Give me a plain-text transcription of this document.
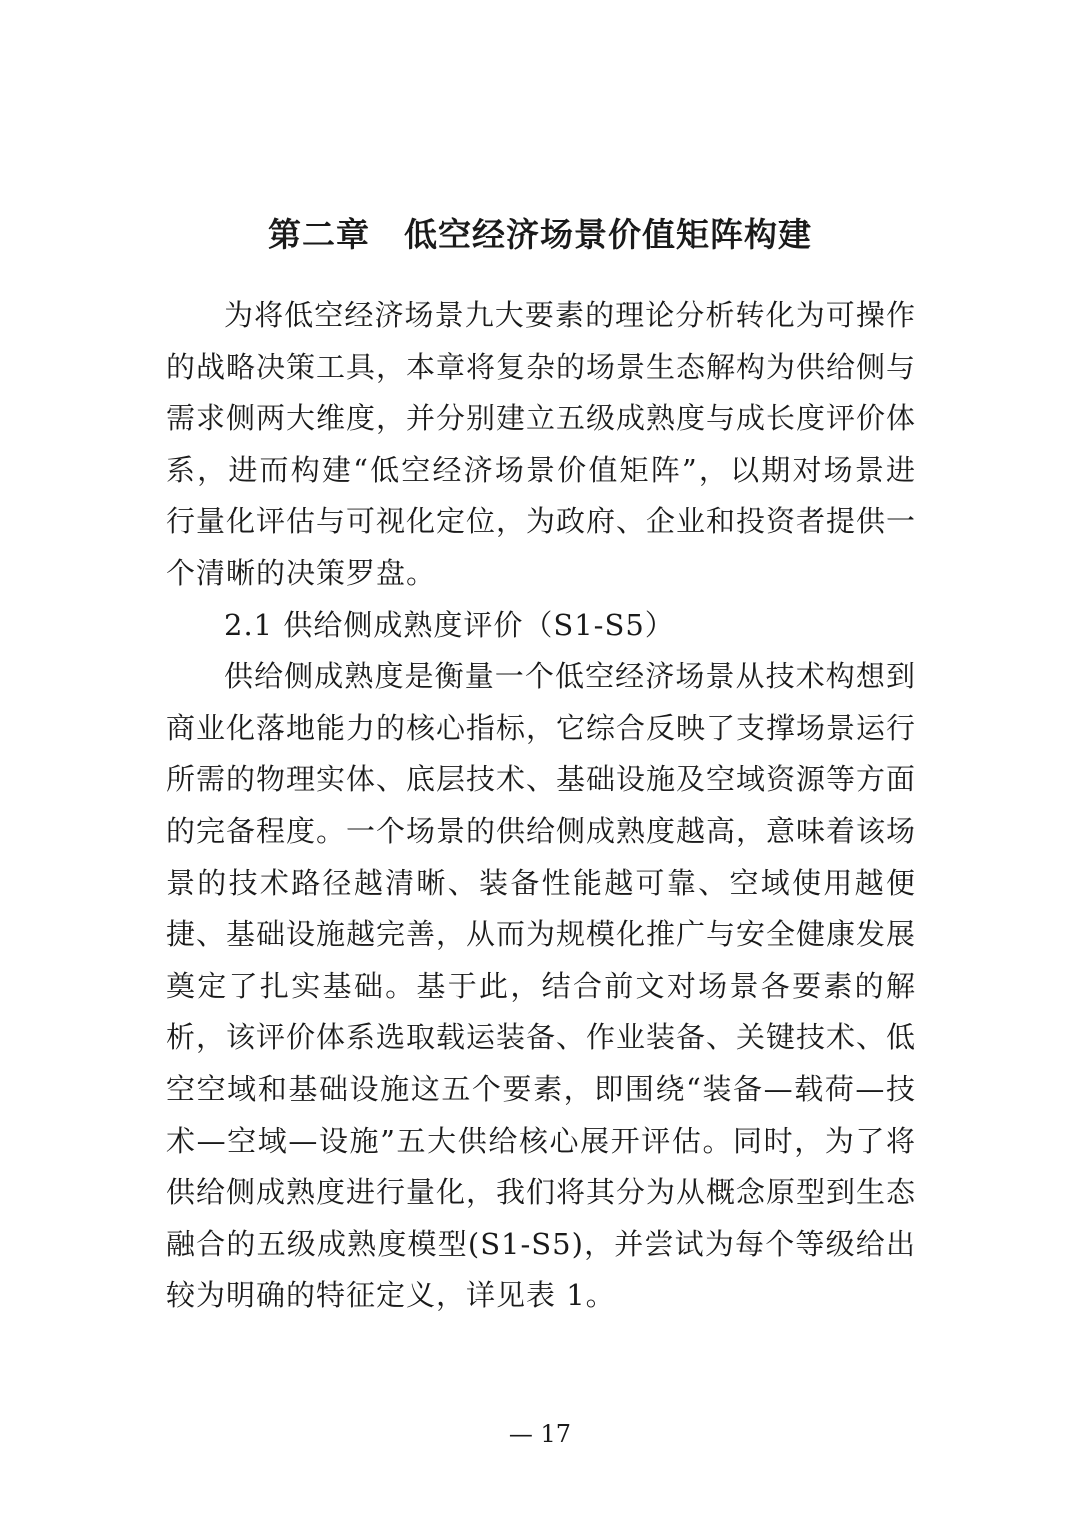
第二章　低空经济场景价值矩阵构建

为将低空经济场景九大要素的理论分析转化为可操作的战略决策工具，本章将复杂的场景生态解构为供给侧与需求侧两大维度，并分别建立五级成熟度与成长度评价体系，进而构建“低空经济场景价值矩阵”，以期对场景进行量化评估与可视化定位，为政府、企业和投资者提供一个清晰的决策罗盘。

2.1 供给侧成熟度评价（S1-S5）

供给侧成熟度是衡量一个低空经济场景从技术构想到商业化落地能力的核心指标，它综合反映了支撑场景运行所需的物理实体、底层技术、基础设施及空域资源等方面的完备程度。一个场景的供给侧成熟度越高，意味着该场景的技术路径越清晰、装备性能越可靠、空域使用越便捷、基础设施越完善，从而为规模化推广与安全健康发展奠定了扎实基础。基于此，结合前文对场景各要素的解析，该评价体系选取载运装备、作业装备、关键技术、低空空域和基础设施这五个要素，即围绕“装备—载荷—技术—空域—设施”五大供给核心展开评估。同时，为了将供给侧成熟度进行量化，我们将其分为从概念原型到生态融合的五级成熟度模型(S1-S5)，并尝试为每个等级给出较为明确的特征定义，详见表 1。

— 17
